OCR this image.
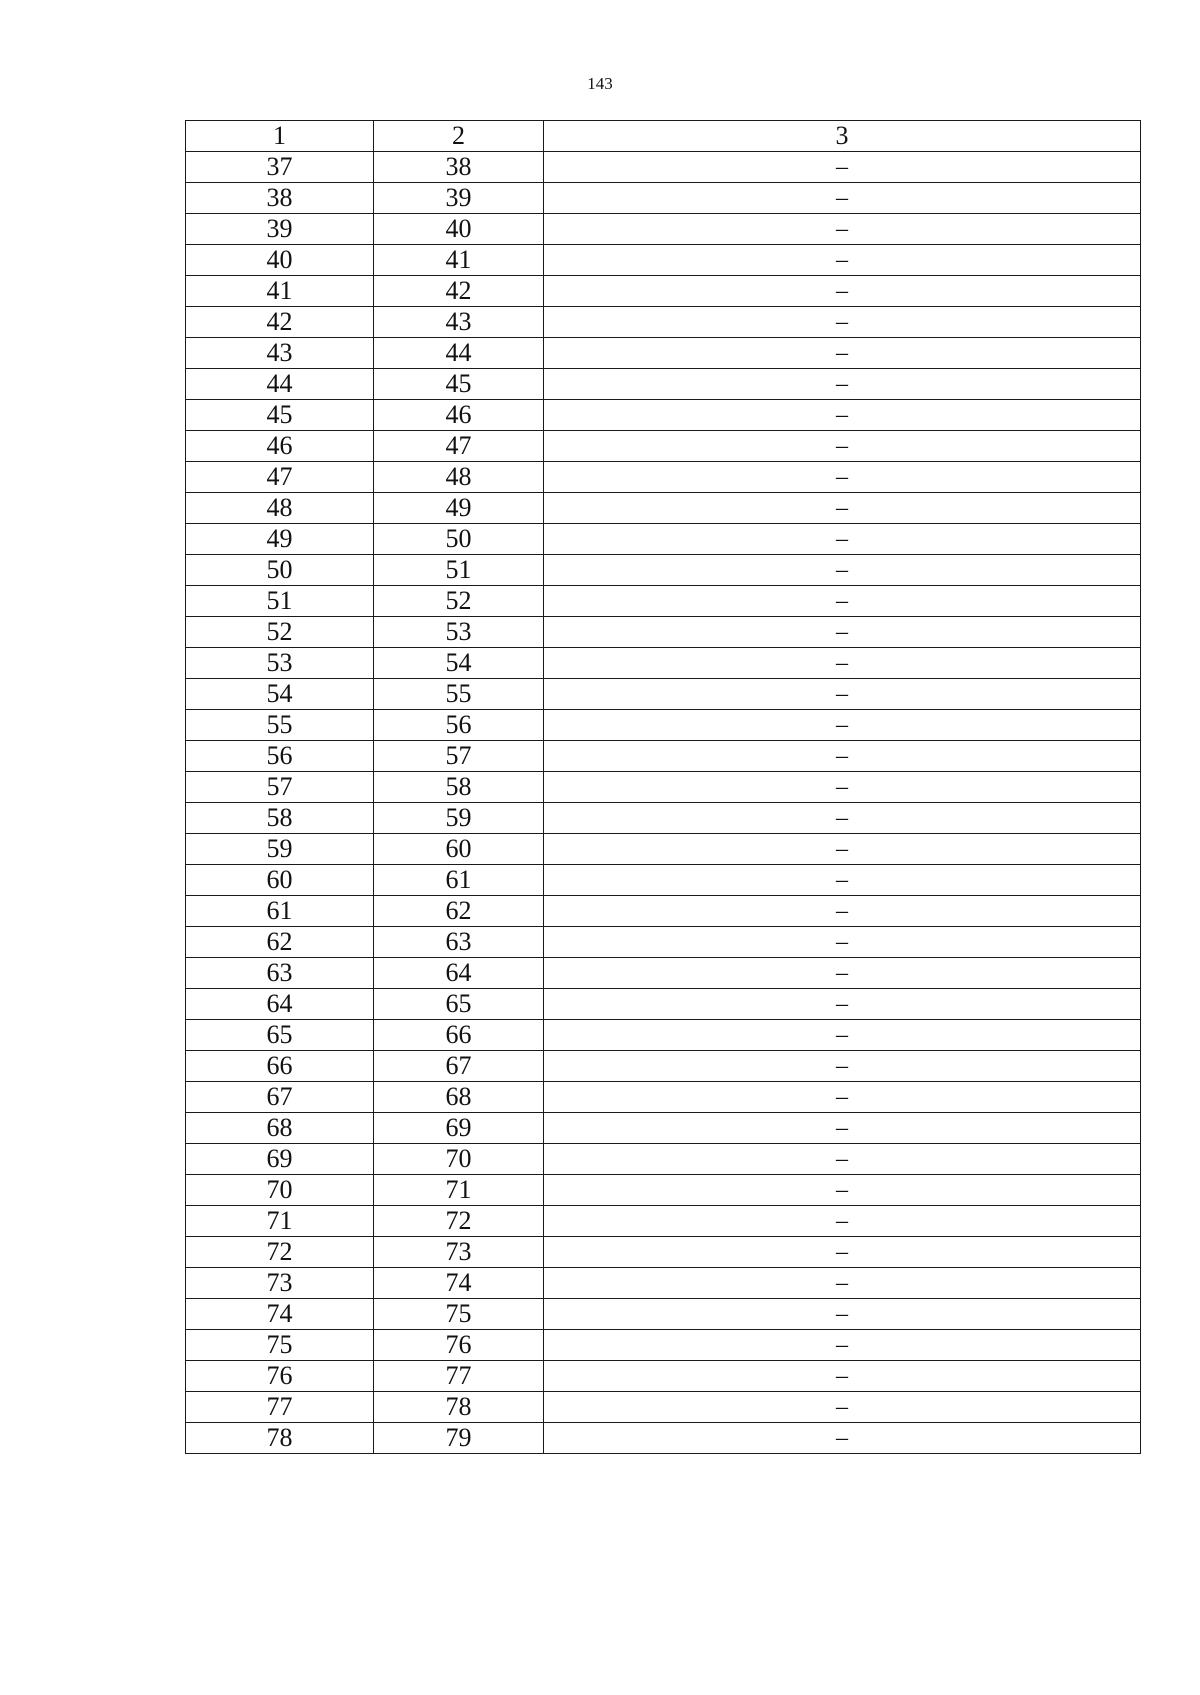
143
1	2	3
37	38	–
38	39	–
39	40	–
40	41	–
41	42	–
42	43	–
43	44	–
44	45	–
45	46	–
46	47	–
47	48	–
48	49	–
49	50	–
50	51	–
51	52	–
52	53	–
53	54	–
54	55	–
55	56	–
56	57	–
57	58	–
58	59	–
59	60	–
60	61	–
61	62	–
62	63	–
63	64	–
64	65	–
65	66	–
66	67	–
67	68	–
68	69	–
69	70	–
70	71	–
71	72	–
72	73	–
73	74	–
74	75	–
75	76	–
76	77	–
77	78	–
78	79	–
